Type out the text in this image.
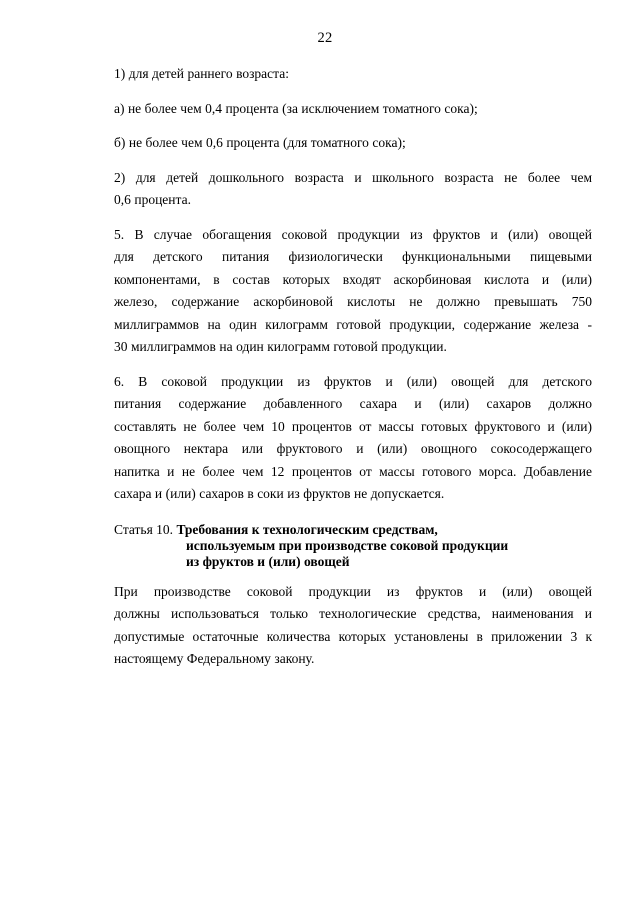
22

1) для детей раннего возраста:

а) не более чем 0,4 процента (за исключением томатного сока);

б) не более чем 0,6 процента (для томатного сока);

2) для детей дошкольного возраста и школьного возраста не более чем
0,6 процента.

5. В случае обогащения соковой продукции из фруктов и (или) овощей
для детского питания физиологически функциональными пищевыми
компонентами, в состав которых входят аскорбиновая кислота и (или)
железо, содержание аскорбиновой кислоты не должно превышать 750
миллиграммов на один килограмм готовой продукции, содержание железа -
30 миллиграммов на один килограмм готовой продукции.

6. В соковой продукции из фруктов и (или) овощей для детского
питания содержание добавленного сахара и (или) сахаров должно
составлять не более чем 10 процентов от массы готовых фруктового и (или)
овощного нектара или фруктового и (или) овощного сокосодержащего
напитка и не более чем 12 процентов от массы готового морса. Добавление
сахара и (или) сахаров в соки из фруктов не допускается.

Статья 10. Требования к технологическим средствам,
используемым при производстве соковой продукции
из фруктов и (или) овощей

При производстве соковой продукции из фруктов и (или) овощей
должны использоваться только технологические средства, наименования и
допустимые остаточные количества которых установлены в приложении 3 к
настоящему Федеральному закону.
